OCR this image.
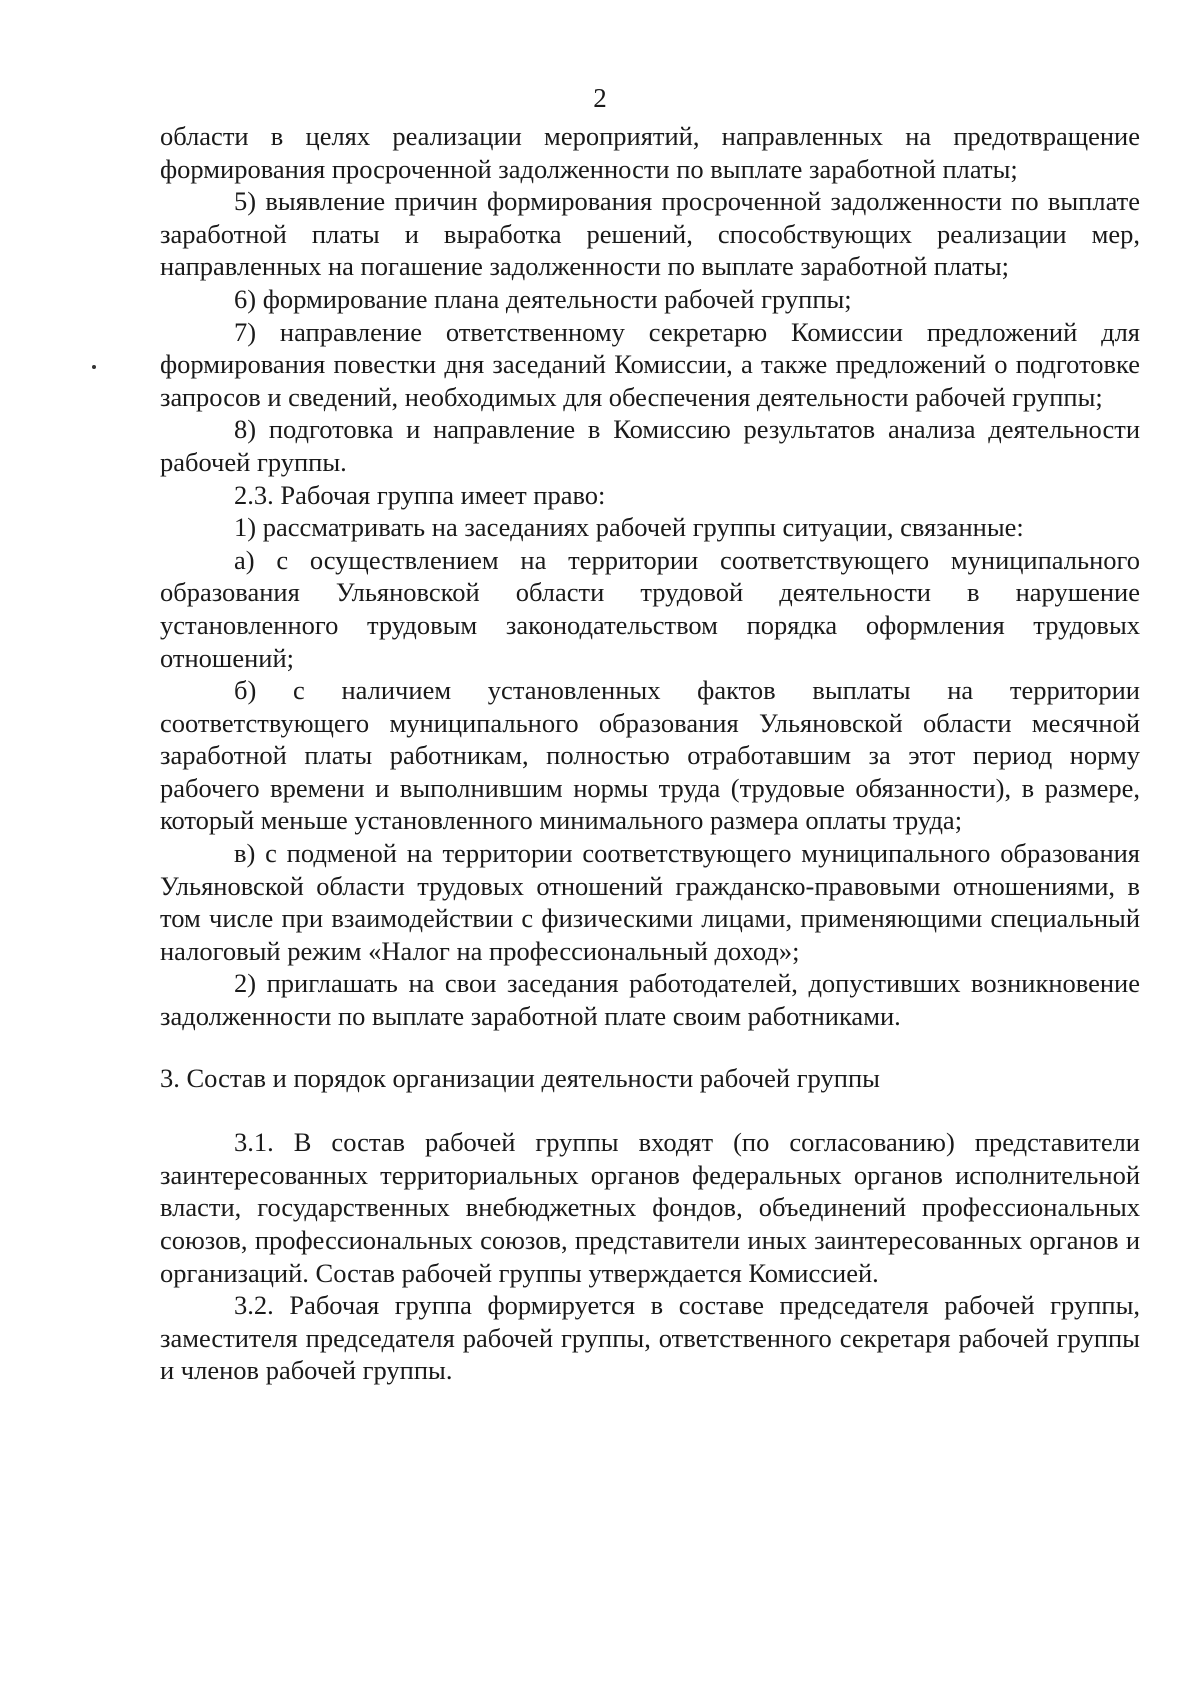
2

области в целях реализации мероприятий, направленных на предотвращение формирования просроченной задолженности по выплате заработной платы;

5) выявление причин формирования просроченной задолженности по выплате заработной платы и выработка решений, способствующих реализации мер, направленных на погашение задолженности по выплате заработной платы;

6) формирование плана деятельности рабочей группы;

7) направление ответственному секретарю Комиссии предложений для формирования повестки дня заседаний Комиссии, а также предложений о подготовке запросов и сведений, необходимых для обеспечения деятельности рабочей группы;

8) подготовка и направление в Комиссию результатов анализа деятельности рабочей группы.

2.3. Рабочая группа имеет право:

1) рассматривать на заседаниях рабочей группы ситуации, связанные:

а) с осуществлением на территории соответствующего муниципального образования Ульяновской области трудовой деятельности в нарушение установленного трудовым законодательством порядка оформления трудовых отношений;

б) с наличием установленных фактов выплаты на территории соответствующего муниципального образования Ульяновской области месячной заработной платы работникам, полностью отработавшим за этот период норму рабочего времени и выполнившим нормы труда (трудовые обязанности), в размере, который меньше установленного минимального размера оплаты труда;

в) с подменой на территории соответствующего муниципального образования Ульяновской области трудовых отношений гражданско-правовыми отношениями, в том числе при взаимодействии с физическими лицами, применяющими специальный налоговый режим «Налог на профессиональный доход»;

2) приглашать на свои заседания работодателей, допустивших возникновение задолженности по выплате заработной плате своим работниками.

3. Состав и порядок организации деятельности рабочей группы

3.1. В состав рабочей группы входят (по согласованию) представители заинтересованных территориальных органов федеральных органов исполнительной власти, государственных внебюджетных фондов, объединений профессиональных союзов, профессиональных союзов, представители иных заинтересованных органов и организаций. Состав рабочей группы утверждается Комиссией.

3.2. Рабочая группа формируется в составе председателя рабочей группы, заместителя председателя рабочей группы, ответственного секретаря рабочей группы и членов рабочей группы.
